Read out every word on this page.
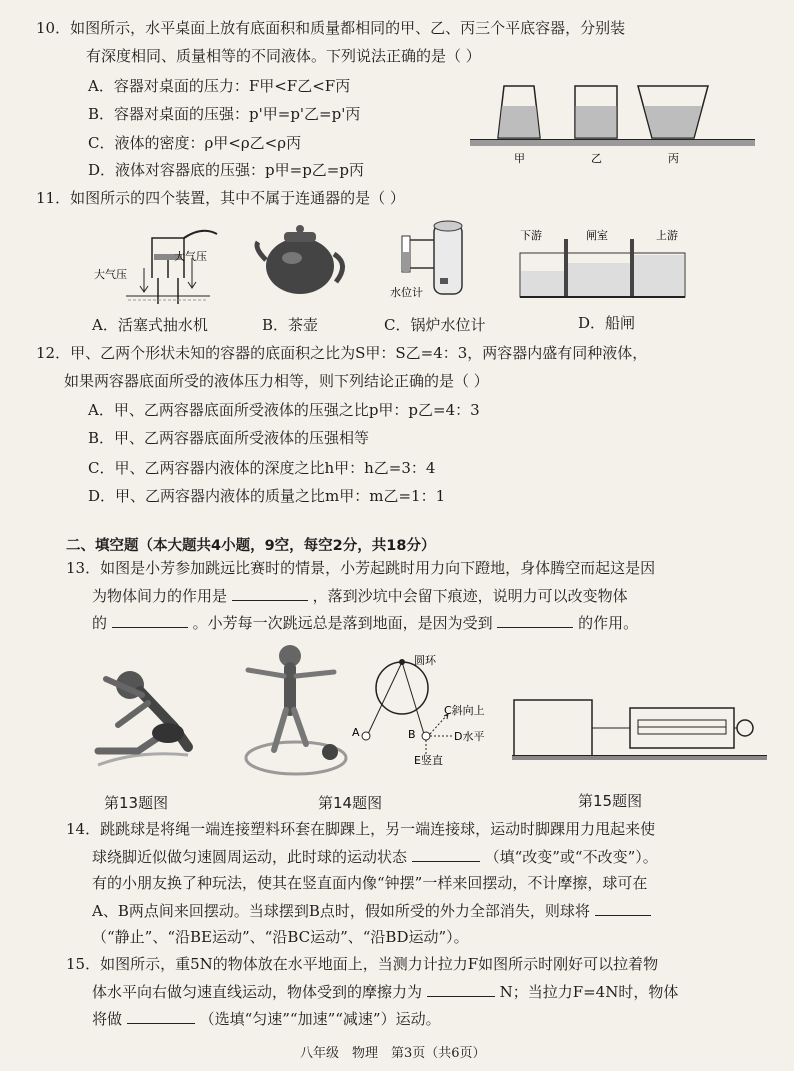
10．如图所示，水平桌面上放有底面积和质量都相同的甲、乙、丙三个平底容器，分别装
有深度相同、质量相等的不同液体。下列说法正确的是（ ）
A．容器对桌面的压力：F甲<F乙<F丙
B．容器对桌面的压强：p'甲=p'乙=p'丙
C．液体的密度：ρ甲<ρ乙<ρ丙
D．液体对容器底的压强：p甲=p乙=p丙
甲	乙	丙
11．如图所示的四个装置，其中不属于连通器的是（ ）
大气压
大气压
水位计
下游	闸室	上游
A．活塞式抽水机	B．茶壶	C．锅炉水位计	D．船闸
12．甲、乙两个形状未知的容器的底面积之比为S甲：S乙=4：3，两容器内盛有同种液体，
如果两容器底面所受的液体压力相等，则下列结论正确的是（ ）
A．甲、乙两容器底面所受液体的压强之比p甲：p乙=4：3
B．甲、乙两容器底面所受液体的压强相等
C．甲、乙两容器内液体的深度之比h甲：h乙=3：4
D．甲、乙两容器内液体的质量之比m甲：m乙=1：1
二、填空题（本大题共4小题，9空，每空2分，共18分）
13．如图是小芳参加跳远比赛时的情景，小芳起跳时用力向下蹬地，身体腾空而起这是因
为物体间力的作用是	，落到沙坑中会留下痕迹，说明力可以改变物体
的	。小芳每一次跳远总是落到地面，是因为受到	的作用。
圆环
C斜向上
A	B	D水平
E竖直
第13题图	第14题图	第15题图
14．跳跳球是将绳一端连接塑料环套在脚踝上，另一端连接球，运动时脚踝用力甩起来使
球绕脚近似做匀速圆周运动，此时球的运动状态	（填“改变”或“不改变”）。
有的小朋友换了种玩法，使其在竖直面内像“钟摆”一样来回摆动，不计摩擦，球可在
A、B两点间来回摆动。当球摆到B点时，假如所受的外力全部消失，则球将
（“静止”、“沿BE运动”、“沿BC运动”、“沿BD运动”）。
15．如图所示，重5N的物体放在水平地面上，当测力计拉力F如图所示时刚好可以拉着物
体水平向右做匀速直线运动，物体受到的摩擦力为	N；当拉力F=4N时，物体
将做	（选填“匀速”“加速”“减速”）运动。
八年级　物理　第3页（共6页）
